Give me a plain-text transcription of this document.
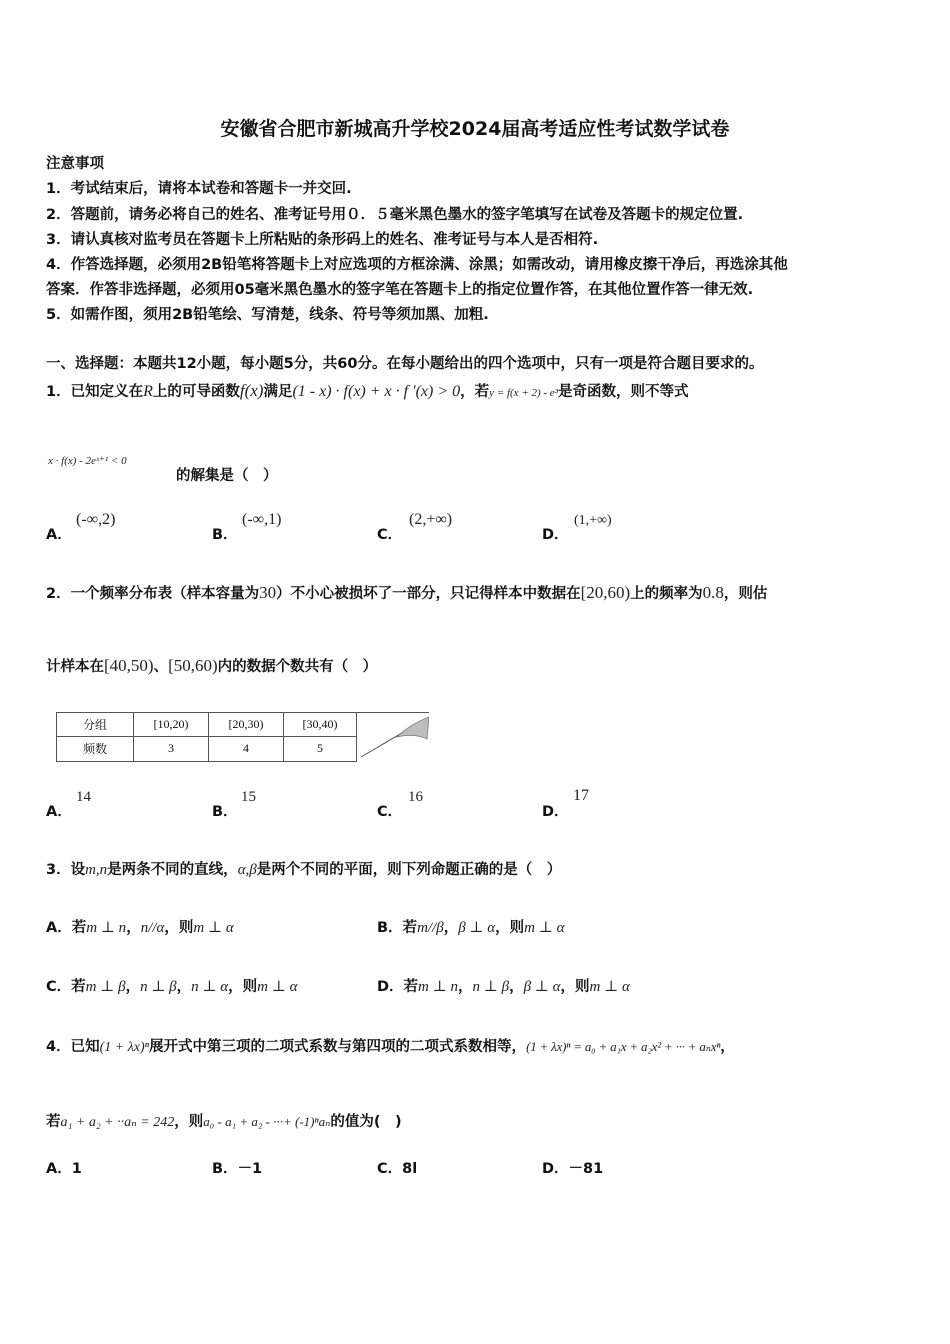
安徽省合肥市新城高升学校2024届高考适应性考试数学试卷
注意事项
1．考试结束后，请将本试卷和答题卡一并交回.
2．答题前，请务必将自己的姓名、准考证号用０．５毫米黑色墨水的签字笔填写在试卷及答题卡的规定位置.
3．请认真核对监考员在答题卡上所粘贴的条形码上的姓名、准考证号与本人是否相符.
4．作答选择题，必须用2B铅笔将答题卡上对应选项的方框涂满、涂黑；如需改动，请用橡皮擦干净后，再选涂其他
答案．作答非选择题，必须用05毫米黑色墨水的签字笔在答题卡上的指定位置作答，在其他位置作答一律无效.
5．如需作图，须用2B铅笔绘、写清楚，线条、符号等须加黑、加粗.
一、选择题：本题共12小题，每小题5分，共60分。在每小题给出的四个选项中，只有一项是符合题目要求的。
1．已知定义在R上的可导函数f(x)满足(1 - x) · f(x) + x · f ′(x) > 0，若y = f(x + 2) - e³是奇函数，则不等式
x · f(x) - 2eˣ⁺¹ < 0
的解集是（　）
A．
(-∞,2)
B．
(-∞,1)
C．
(2,+∞)
D．
(1,+∞)
2．一个频率分布表（样本容量为30）不小心被损坏了一部分，只记得样本中数据在[20,60)上的频率为0.8，则估
计样本在[40,50)、[50,60)内的数据个数共有（　）
分组	[10,20)	[20,30)	[30,40)	
频数	3	4	5	
A．
14
B．
15
C．
16
D．
17
3．设m,n是两条不同的直线，α,β是两个不同的平面，则下列命题正确的是（　）
A．若m ⊥ n，n//α，则m ⊥ α	B．若m//β，β ⊥ α，则m ⊥ α
C．若m ⊥ β，n ⊥ β，n ⊥ α，则m ⊥ α	D．若m ⊥ n，n ⊥ β，β ⊥ α，则m ⊥ α
4．已知(1 + λx)ⁿ展开式中第三项的二项式系数与第四项的二项式系数相等，(1 + λx)ⁿ = a₀ + a₁x + a₂x² + ··· + aₙxⁿ，
若a₁ + a₂ + ··aₙ = 242，则a₀ - a₁ + a₂ - ···+ (-1)ⁿaₙ的值为(　)
A．1	B．－1	C．8l	D．－81
